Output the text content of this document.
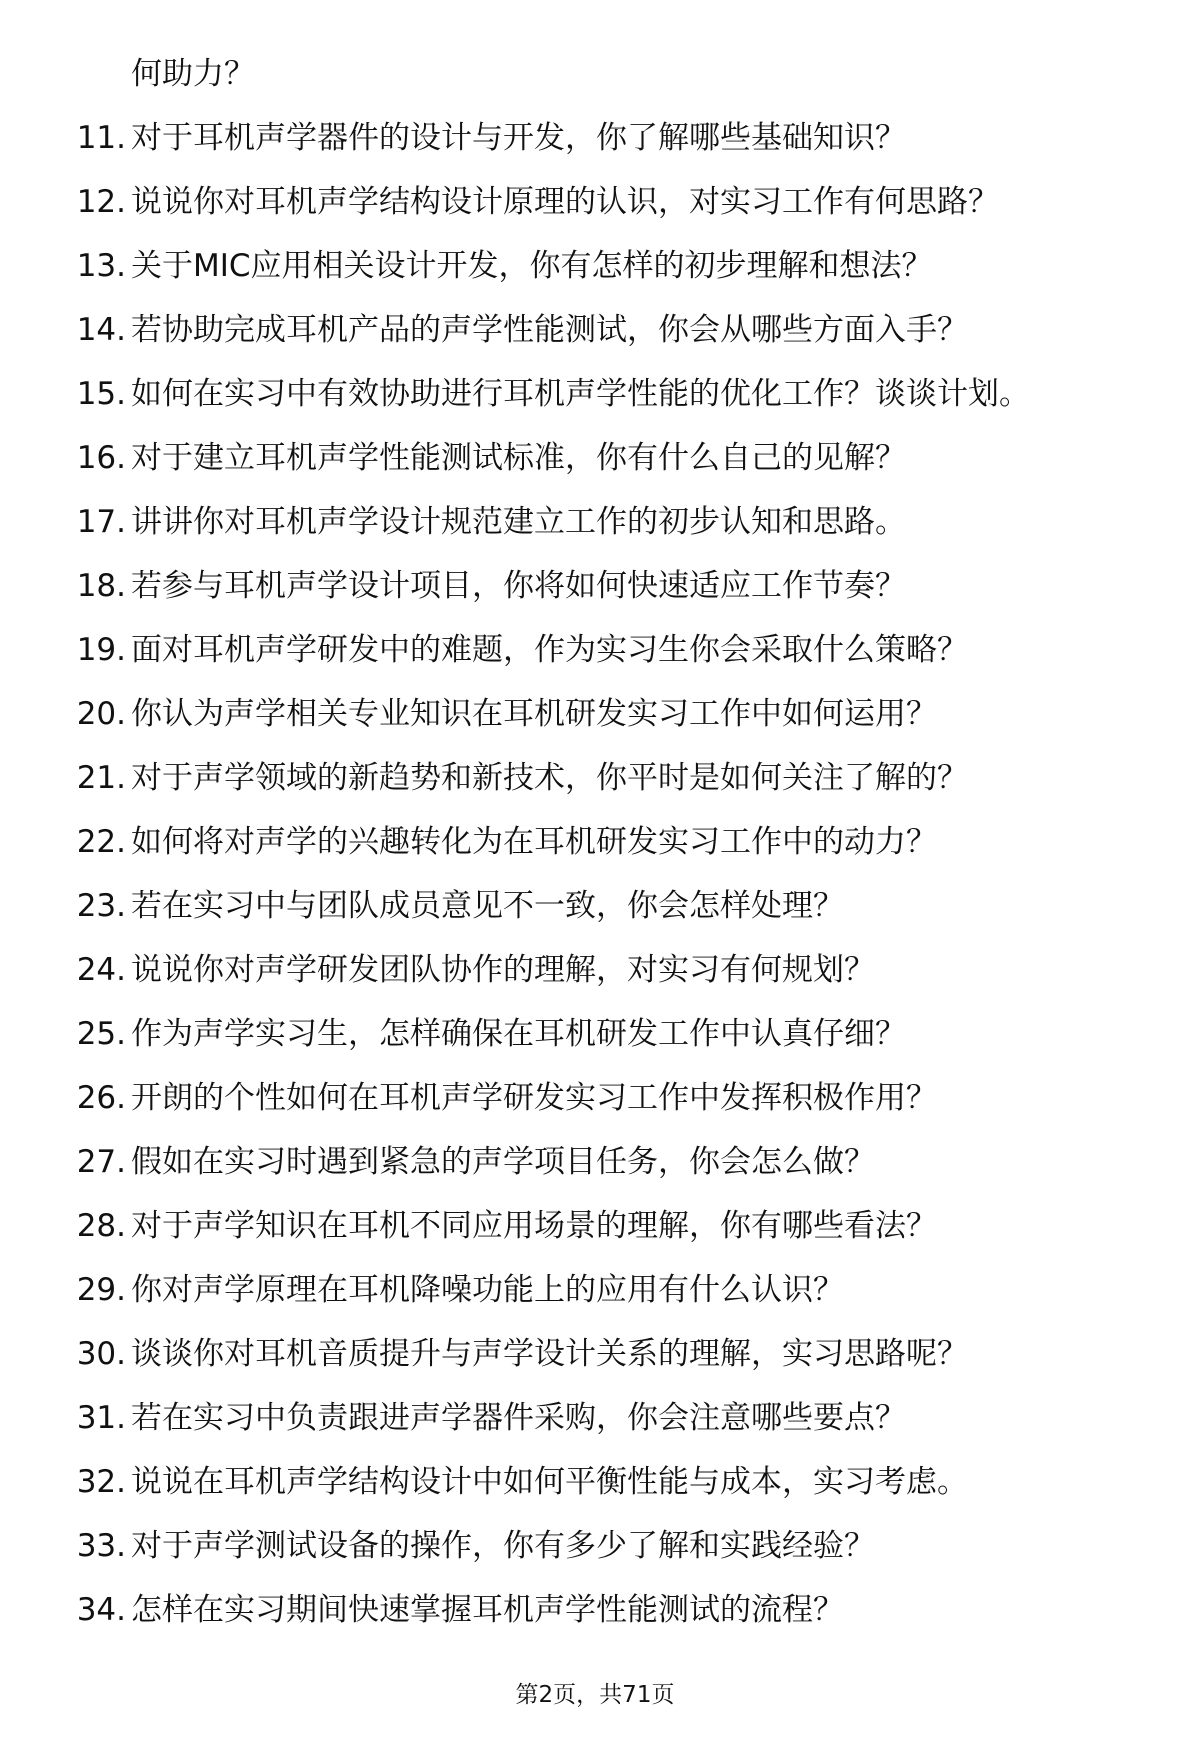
何助力？

11. 对于耳机声学器件的设计与开发，你了解哪些基础知识？
12. 说说你对耳机声学结构设计原理的认识，对实习工作有何思路？
13. 关于MIC应用相关设计开发，你有怎样的初步理解和想法？
14. 若协助完成耳机产品的声学性能测试，你会从哪些方面入手？
15. 如何在实习中有效协助进行耳机声学性能的优化工作？谈谈计划。
16. 对于建立耳机声学性能测试标准，你有什么自己的见解？
17. 讲讲你对耳机声学设计规范建立工作的初步认知和思路。
18. 若参与耳机声学设计项目，你将如何快速适应工作节奏？
19. 面对耳机声学研发中的难题，作为实习生你会采取什么策略？
20. 你认为声学相关专业知识在耳机研发实习工作中如何运用？
21. 对于声学领域的新趋势和新技术，你平时是如何关注了解的？
22. 如何将对声学的兴趣转化为在耳机研发实习工作中的动力？
23. 若在实习中与团队成员意见不一致，你会怎样处理？
24. 说说你对声学研发团队协作的理解，对实习有何规划？
25. 作为声学实习生，怎样确保在耳机研发工作中认真仔细？
26. 开朗的个性如何在耳机声学研发实习工作中发挥积极作用？
27. 假如在实习时遇到紧急的声学项目任务，你会怎么做？
28. 对于声学知识在耳机不同应用场景的理解，你有哪些看法？
29. 你对声学原理在耳机降噪功能上的应用有什么认识？
30. 谈谈你对耳机音质提升与声学设计关系的理解，实习思路呢？
31. 若在实习中负责跟进声学器件采购，你会注意哪些要点？
32. 说说在耳机声学结构设计中如何平衡性能与成本，实习考虑。
33. 对于声学测试设备的操作，你有多少了解和实践经验？
34. 怎样在实习期间快速掌握耳机声学性能测试的流程？
第2页，共71页
